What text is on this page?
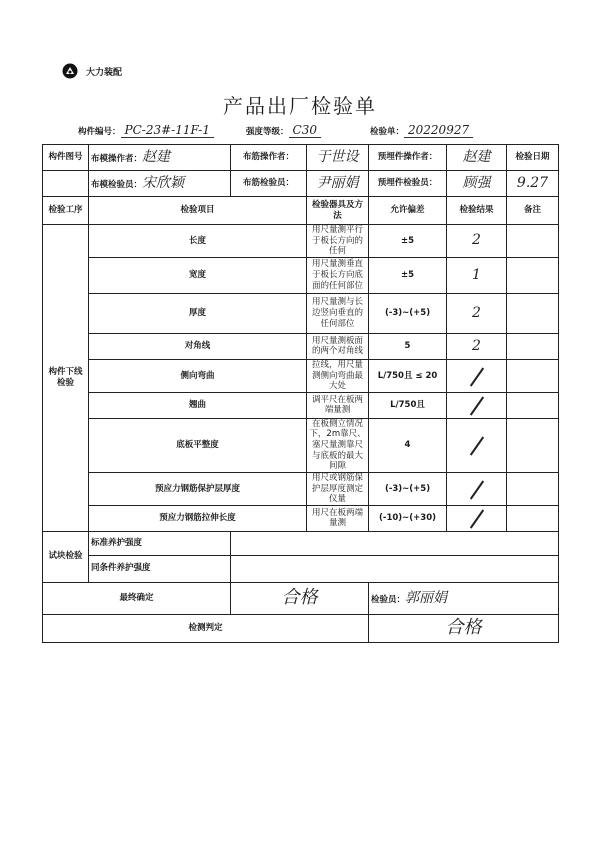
大力装配
产品出厂检验单
构件编号： PC-23#-11F-1	强度等级： C30	检验单： 20220927
构件图号	布模操作者：赵建	布筋操作者：	于世设	预埋件操作者：	赵建	检验日期
	布模检验员：宋欣颖	布筋检验员：	尹丽娟	预埋件检验员：	顾强	9.27
检验工序	检验项目		检验器具及方法	允许偏差	检验结果	备注
构件下线检验	长度		用尺量测平行于板长方向的任何	±5	2	
	宽度		用尺量测垂直于板长方向底面的任何部位	±5	1	
	厚度		用尺量测与长边竖向垂直的任何部位	(-3)~(+5)	2	
	对角线		用尺量测板面的两个对角线	5	2	
	侧向弯曲		拉线，用尺量测侧向弯曲最大处	L/750且 ≤ 20		
	翘曲		调平尺在板两端量测	L/750且		
	底板平整度		在板侧立情况下，2m靠尺、塞尺量测靠尺与底板的最大间隙	4		
	预应力钢筋保护层厚度		用尺或钢筋保护层厚度测定仪量	(-3)~(+5)		
	预应力钢筋拉伸长度		用尺在板两端量测	(-10)~(+30)		
试块检验	标准养护强度					
	同条件养护强度					
最终确定		合格		检验员：郭丽娟		
检测判定				合格		
